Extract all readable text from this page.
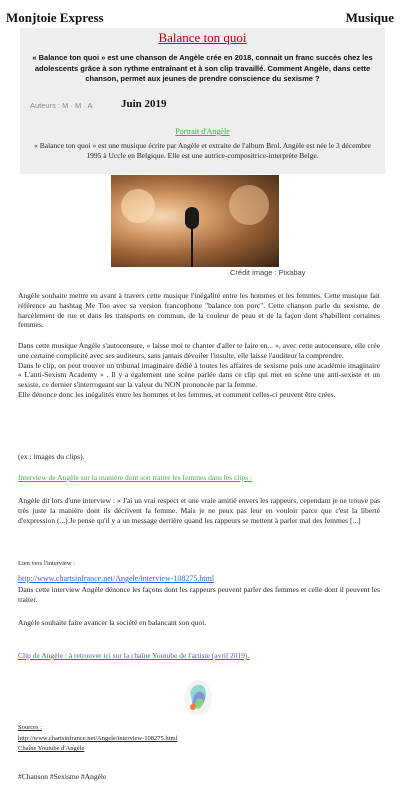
Monjtoie Express	Musique
Balance ton quoi
« Balance ton quoi » est une chanson de Angèle crée en 2018, connait un franc succès chez les adolescents grâce à son rythme entraînant et à son clip travaillé. Comment Angèle, dans cette chanson, permet aux jeunes de prendre conscience du sexisme ?
Auteurs : M · M · A	Juin 2019
Portrait d'Angèle
« Balance ton quoi » est une musique écrite par Angèle et extraite de l'album Brol. Angèle est née le 3 décembre 1995 à Uccle en Belgique. Elle est une autrice-compositrice-interprète Belge.
Crédit image : Pixabay

Angèle souhaite mettre en avant à travers cette musique l'inégalité entre les hommes et les femmes. Cette musique fait référence au hashtag Me Too avec sa version francophone "balance ton porc". Cette chanson parle du sexisme, de harcèlement de rue et dans les transports en commun, de la couleur de peau et de la façon dont s'habillent certaines femmes.

Dans cette musique Angèle s'autocensure, « laisse moi te chanter d'aller te faire en... », avec cette autocensure, elle crée une certaine complicité avec ses auditeurs, sans jamais dévoiler l'insulte, elle laisse l'auditeur la comprendre.

Dans le clip, on peut trouver un tribunal imaginaire dédié à toutes les affaires de sexisme puis une académie imaginaire « L'anti-Sexism Academy » . Il y a également une scène parlée dans ce clip qui met en scène une anti-sexiste et un sexiste, ce dernier s'interrogeant sur la valeur du NON prononcée par la femme.

Elle dénonce donc les inégalités entre les hommes et les femmes, et comment celles-ci peuvent être crées.

(ex : images du clips).

Interview de Angèle sur la manière dont son traiter les femmes dans les clips :

Angèle dit lors d'une interview : « J'ai un vrai respect et une vraie amitié envers les rappeurs, cependant je ne trouve pas très juste la manière dont ils décrivent la femme. Mais je ne peux pas leur en vouloir parce que c'est la liberté d'expression (...) Je pense qu'il y a un message derrière quand les rappeurs se mettent à parler mal des femmes [...]

Lien vers l'interview :
http://www.chartsinfrance.net/Angele/interview-108275.html

Dans cette interview Angèle dénonce les façons dont les rappeurs peuvent parler des femmes et celle dont il peuvent les traiter.

Angèle souhaite faire avancer la société en balancant son quoi.

Clip de Angèle : à retrouver ici sur la chaîne Youtube de l'artiste (avril 2019).
Sources :
http://www.chartsinfrance.net/Angele/interview-108275.html
Chaîne Youtube d'Angèle
#Chanson #Sexisme #Angèle
